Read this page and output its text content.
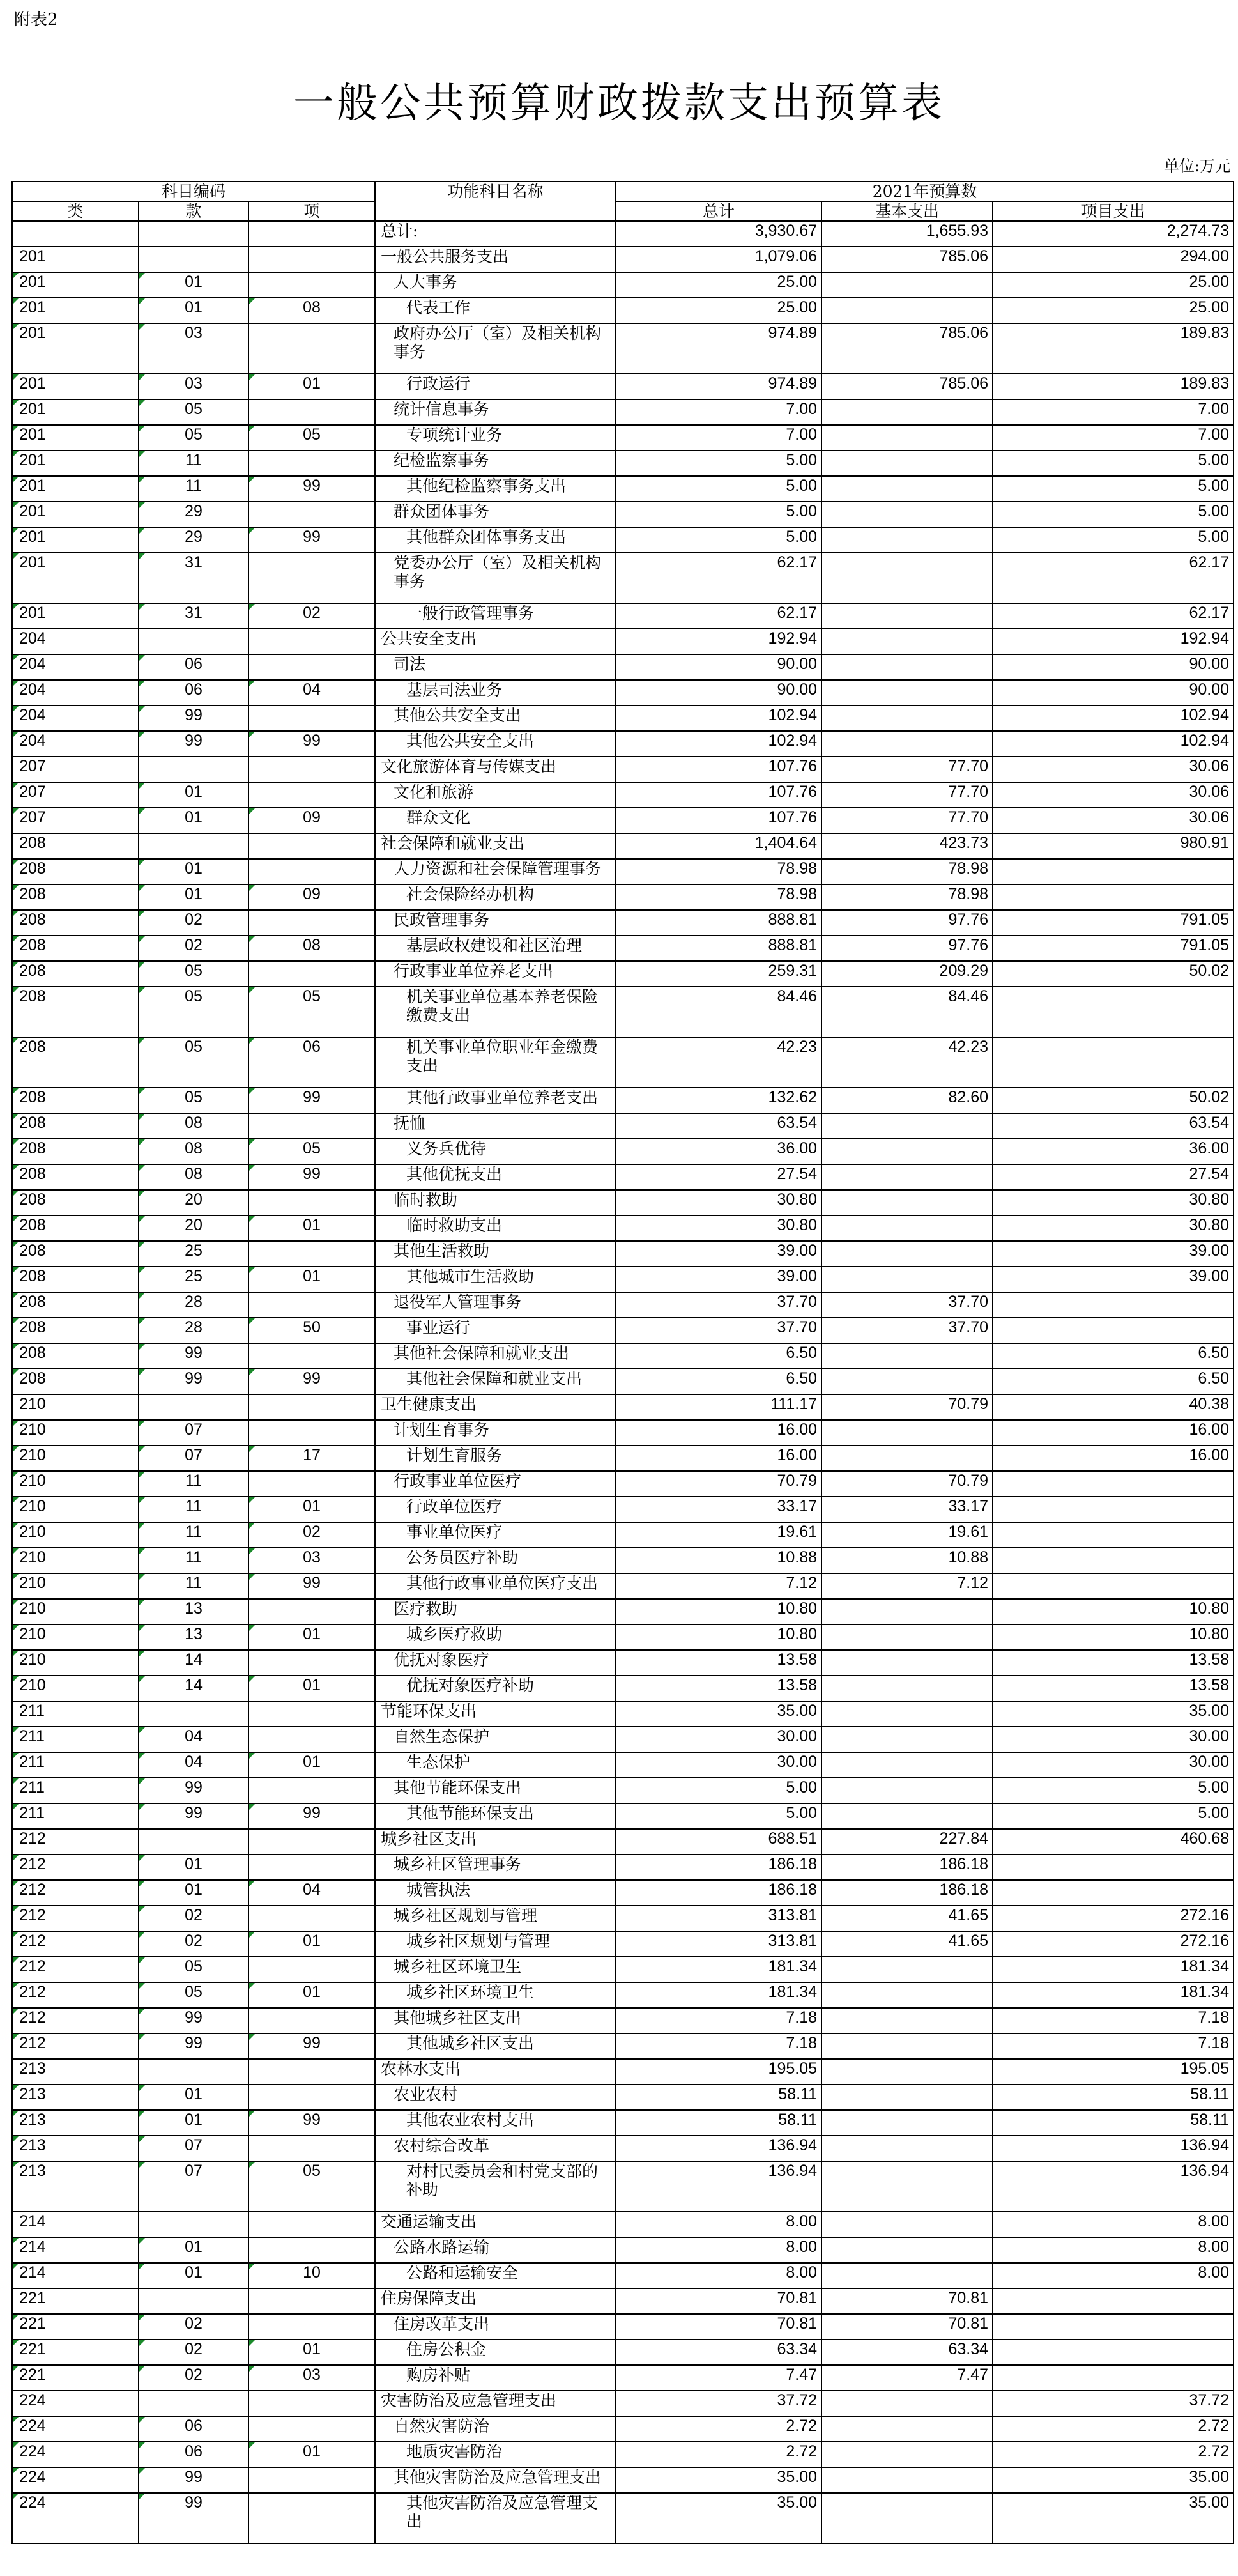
附表2
一般公共预算财政拨款支出预算表
单位:万元
科目编码			功能科目名称	2021年预算数		
类	款	项		总计	基本支出	项目支出
			总计:	3,930.67	1,655.93	2,274.73
201			一般公共服务支出	1,079.06	785.06	294.00

201	01		人大事务	25.00		25.00

201	01	08	代表工作	25.00		25.00

201	03		政府办公厅（室）及相关机构事务	974.89	785.06	189.83

201	03	01	行政运行	974.89	785.06	189.83

201	05		统计信息事务	7.00		7.00

201	05	05	专项统计业务	7.00		7.00

201	11		纪检监察事务	5.00		5.00

201	11	99	其他纪检监察事务支出	5.00		5.00

201	29		群众团体事务	5.00		5.00

201	29	99	其他群众团体事务支出	5.00		5.00

201	31		党委办公厅（室）及相关机构事务	62.17		62.17

201	31	02	一般行政管理事务	62.17		62.17
204			公共安全支出	192.94		192.94

204	06		司法	90.00		90.00

204	06	04	基层司法业务	90.00		90.00

204	99		其他公共安全支出	102.94		102.94

204	99	99	其他公共安全支出	102.94		102.94
207			文化旅游体育与传媒支出	107.76	77.70	30.06

207	01		文化和旅游	107.76	77.70	30.06

207	01	09	群众文化	107.76	77.70	30.06
208			社会保障和就业支出	1,404.64	423.73	980.91

208	01		人力资源和社会保障管理事务	78.98	78.98	

208	01	09	社会保险经办机构	78.98	78.98	

208	02		民政管理事务	888.81	97.76	791.05

208	02	08	基层政权建设和社区治理	888.81	97.76	791.05

208	05		行政事业单位养老支出	259.31	209.29	50.02

208	05	05	机关事业单位基本养老保险缴费支出	84.46	84.46	

208	05	06	机关事业单位职业年金缴费支出	42.23	42.23	

208	05	99	其他行政事业单位养老支出	132.62	82.60	50.02

208	08		抚恤	63.54		63.54

208	08	05	义务兵优待	36.00		36.00

208	08	99	其他优抚支出	27.54		27.54

208	20		临时救助	30.80		30.80

208	20	01	临时救助支出	30.80		30.80

208	25		其他生活救助	39.00		39.00

208	25	01	其他城市生活救助	39.00		39.00

208	28		退役军人管理事务	37.70	37.70	

208	28	50	事业运行	37.70	37.70	

208	99		其他社会保障和就业支出	6.50		6.50

208	99	99	其他社会保障和就业支出	6.50		6.50
210			卫生健康支出	111.17	70.79	40.38

210	07		计划生育事务	16.00		16.00

210	07	17	计划生育服务	16.00		16.00

210	11		行政事业单位医疗	70.79	70.79	

210	11	01	行政单位医疗	33.17	33.17	

210	11	02	事业单位医疗	19.61	19.61	

210	11	03	公务员医疗补助	10.88	10.88	

210	11	99	其他行政事业单位医疗支出	7.12	7.12	

210	13		医疗救助	10.80		10.80

210	13	01	城乡医疗救助	10.80		10.80

210	14		优抚对象医疗	13.58		13.58

210	14	01	优抚对象医疗补助	13.58		13.58
211			节能环保支出	35.00		35.00

211	04		自然生态保护	30.00		30.00

211	04	01	生态保护	30.00		30.00

211	99		其他节能环保支出	5.00		5.00

211	99	99	其他节能环保支出	5.00		5.00
212			城乡社区支出	688.51	227.84	460.68

212	01		城乡社区管理事务	186.18	186.18	

212	01	04	城管执法	186.18	186.18	

212	02		城乡社区规划与管理	313.81	41.65	272.16

212	02	01	城乡社区规划与管理	313.81	41.65	272.16

212	05		城乡社区环境卫生	181.34		181.34

212	05	01	城乡社区环境卫生	181.34		181.34

212	99		其他城乡社区支出	7.18		7.18

212	99	99	其他城乡社区支出	7.18		7.18
213			农林水支出	195.05		195.05

213	01		农业农村	58.11		58.11

213	01	99	其他农业农村支出	58.11		58.11

213	07		农村综合改革	136.94		136.94

213	07	05	对村民委员会和村党支部的补助	136.94		136.94
214			交通运输支出	8.00		8.00

214	01		公路水路运输	8.00		8.00

214	01	10	公路和运输安全	8.00		8.00
221			住房保障支出	70.81	70.81	

221	02		住房改革支出	70.81	70.81	

221	02	01	住房公积金	63.34	63.34	

221	02	03	购房补贴	7.47	7.47	
224			灾害防治及应急管理支出	37.72		37.72

224	06		自然灾害防治	2.72		2.72

224	06	01	地质灾害防治	2.72		2.72

224	99		其他灾害防治及应急管理支出	35.00		35.00

224	99		其他灾害防治及应急管理支出	35.00		35.00
